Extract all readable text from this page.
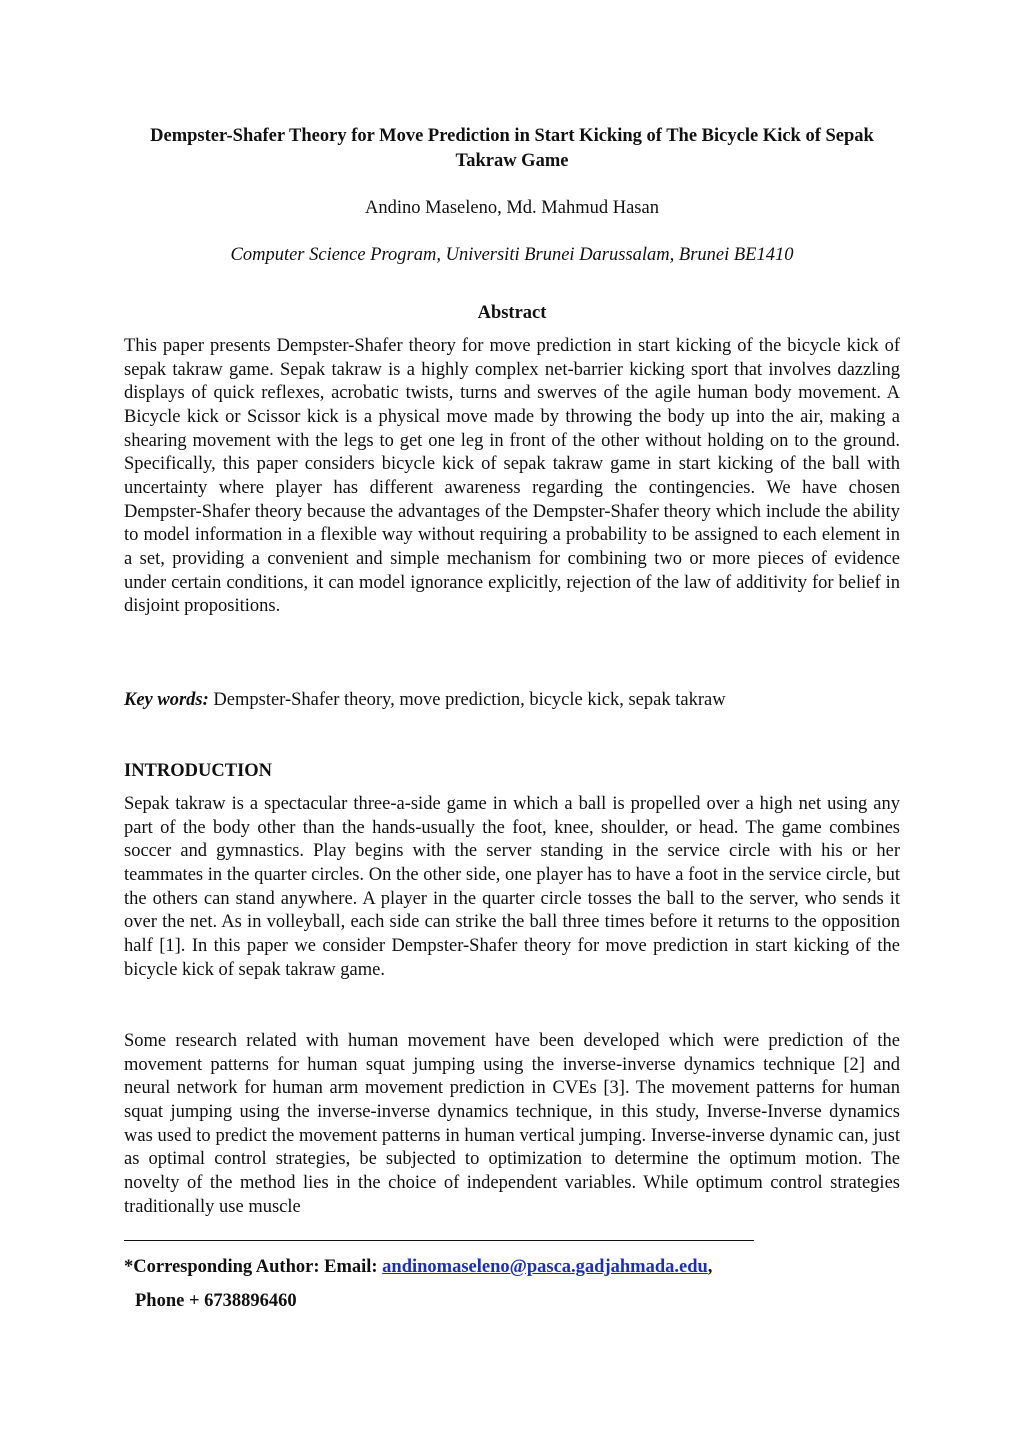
Dempster-Shafer Theory for Move Prediction in Start Kicking of The Bicycle Kick of Sepak Takraw Game
Andino Maseleno, Md. Mahmud Hasan
Computer Science Program, Universiti Brunei Darussalam, Brunei BE1410
Abstract

This paper presents Dempster-Shafer theory for move prediction in start kicking of the bicycle kick of sepak takraw game. Sepak takraw is a highly complex net-barrier kicking sport that involves dazzling displays of quick reflexes, acrobatic twists, turns and swerves of the agile human body movement. A Bicycle kick or Scissor kick is a physical move made by throwing the body up into the air, making a shearing movement with the legs to get one leg in front of the other without holding on to the ground. Specifically, this paper considers bicycle kick of sepak takraw game in start kicking of the ball with uncertainty where player has different awareness regarding the contingencies. We have chosen Dempster-Shafer theory because the advantages of the Dempster-Shafer theory which include the ability to model information in a flexible way without requiring a probability to be assigned to each element in a set, providing a convenient and simple mechanism for combining two or more pieces of evidence under certain conditions, it can model ignorance explicitly, rejection of the law of additivity for belief in disjoint propositions.

Key words: Dempster-Shafer theory, move prediction, bicycle kick, sepak takraw
INTRODUCTION

Sepak takraw is a spectacular three-a-side game in which a ball is propelled over a high net using any part of the body other than the hands-usually the foot, knee, shoulder, or head. The game combines soccer and gymnastics. Play begins with the server standing in the service circle with his or her teammates in the quarter circles. On the other side, one player has to have a foot in the service circle, but the others can stand anywhere. A player in the quarter circle tosses the ball to the server, who sends it over the net. As in volleyball, each side can strike the ball three times before it returns to the opposition half [1]. In this paper we consider Dempster-Shafer theory for move prediction in start kicking of the bicycle kick of sepak takraw game.

Some research related with human movement have been developed which were prediction of the movement patterns for human squat jumping using the inverse-inverse dynamics technique [2] and neural network for human arm movement prediction in CVEs [3]. The movement patterns for human squat jumping using the inverse-inverse dynamics technique, in this study, Inverse-Inverse dynamics was used to predict the movement patterns in human vertical jumping. Inverse-inverse dynamic can, just as optimal control strategies, be subjected to optimization to determine the optimum motion. The novelty of the method lies in the choice of independent variables. While optimum control strategies traditionally use muscle

*Corresponding Author: Email: andinomaseleno@pasca.gadjahmada.edu,
Phone + 6738896460
